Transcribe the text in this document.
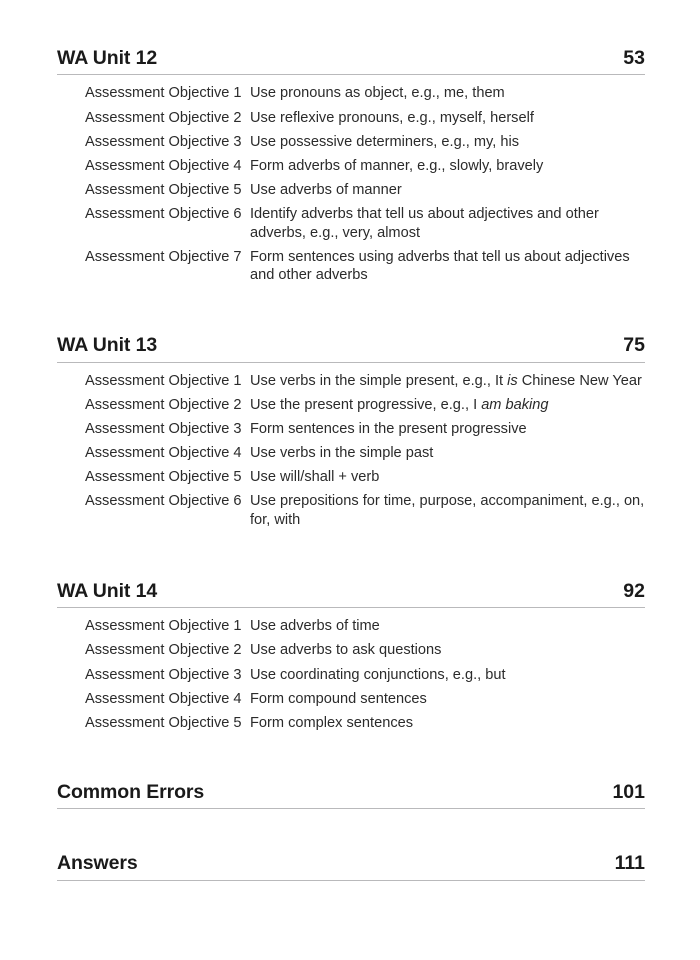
WA Unit 12	53
Assessment Objective 1 Use pronouns as object, e.g., me, them
Assessment Objective 2 Use reflexive pronouns, e.g., myself, herself
Assessment Objective 3 Use possessive determiners, e.g., my, his
Assessment Objective 4 Form adverbs of manner, e.g., slowly, bravely
Assessment Objective 5 Use adverbs of manner
Assessment Objective 6 Identify adverbs that tell us about adjectives and other adverbs, e.g., very, almost
Assessment Objective 7 Form sentences using adverbs that tell us about adjectives and other adverbs
WA Unit 13	75
Assessment Objective 1 Use verbs in the simple present, e.g., It is Chinese New Year
Assessment Objective 2 Use the present progressive, e.g., I am baking
Assessment Objective 3 Form sentences in the present progressive
Assessment Objective 4 Use verbs in the simple past
Assessment Objective 5 Use will/shall + verb
Assessment Objective 6 Use prepositions for time, purpose, accompaniment, e.g., on, for, with
WA Unit 14	92
Assessment Objective 1 Use adverbs of time
Assessment Objective 2 Use adverbs to ask questions
Assessment Objective 3 Use coordinating conjunctions, e.g., but
Assessment Objective 4 Form compound sentences
Assessment Objective 5 Form complex sentences
Common Errors	101
Answers	111
